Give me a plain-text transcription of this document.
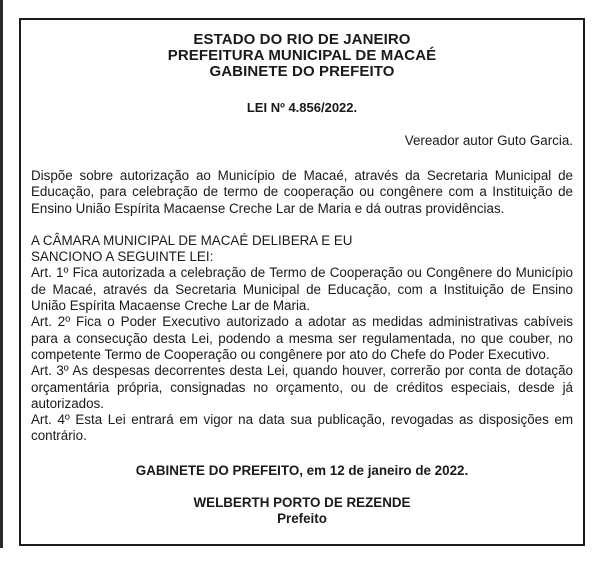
ESTADO DO RIO DE JANEIRO
PREFEITURA MUNICIPAL DE MACAÉ
GABINETE DO PREFEITO
LEI Nº 4.856/2022.
Vereador autor Guto Garcia.

Dispõe sobre autorização ao Município de Macaé, através da Secretaria Municipal de Educação, para celebração de termo de cooperação ou congênere com a Instituição de Ensino União Espírita Macaense Creche Lar de Maria e dá outras providências.

A CÂMARA MUNICIPAL DE MACAÉ DELIBERA E EU

SANCIONO A SEGUINTE LEI:

Art. 1º Fica autorizada a celebração de Termo de Cooperação ou Congênere do Município de Macaé, através da Secretaria Municipal de Educação, com a Instituição de Ensino União Espírita Macaense Creche Lar de Maria.

Art. 2º Fica o Poder Executivo autorizado a adotar as medidas administrativas cabíveis para a consecução desta Lei, podendo a mesma ser regulamentada, no que couber, no competente Termo de Cooperação ou congênere por ato do Chefe do Poder Executivo.

Art. 3º As despesas decorrentes desta Lei, quando houver, correrão por conta de dotação orçamentária própria, consignadas no orçamento, ou de créditos especiais, desde já autorizados.

Art. 4º Esta Lei entrará em vigor na data sua publicação, revogadas as disposições em contrário.

GABINETE DO PREFEITO, em 12 de janeiro de 2022.
WELBERTH PORTO DE REZENDE
Prefeito
